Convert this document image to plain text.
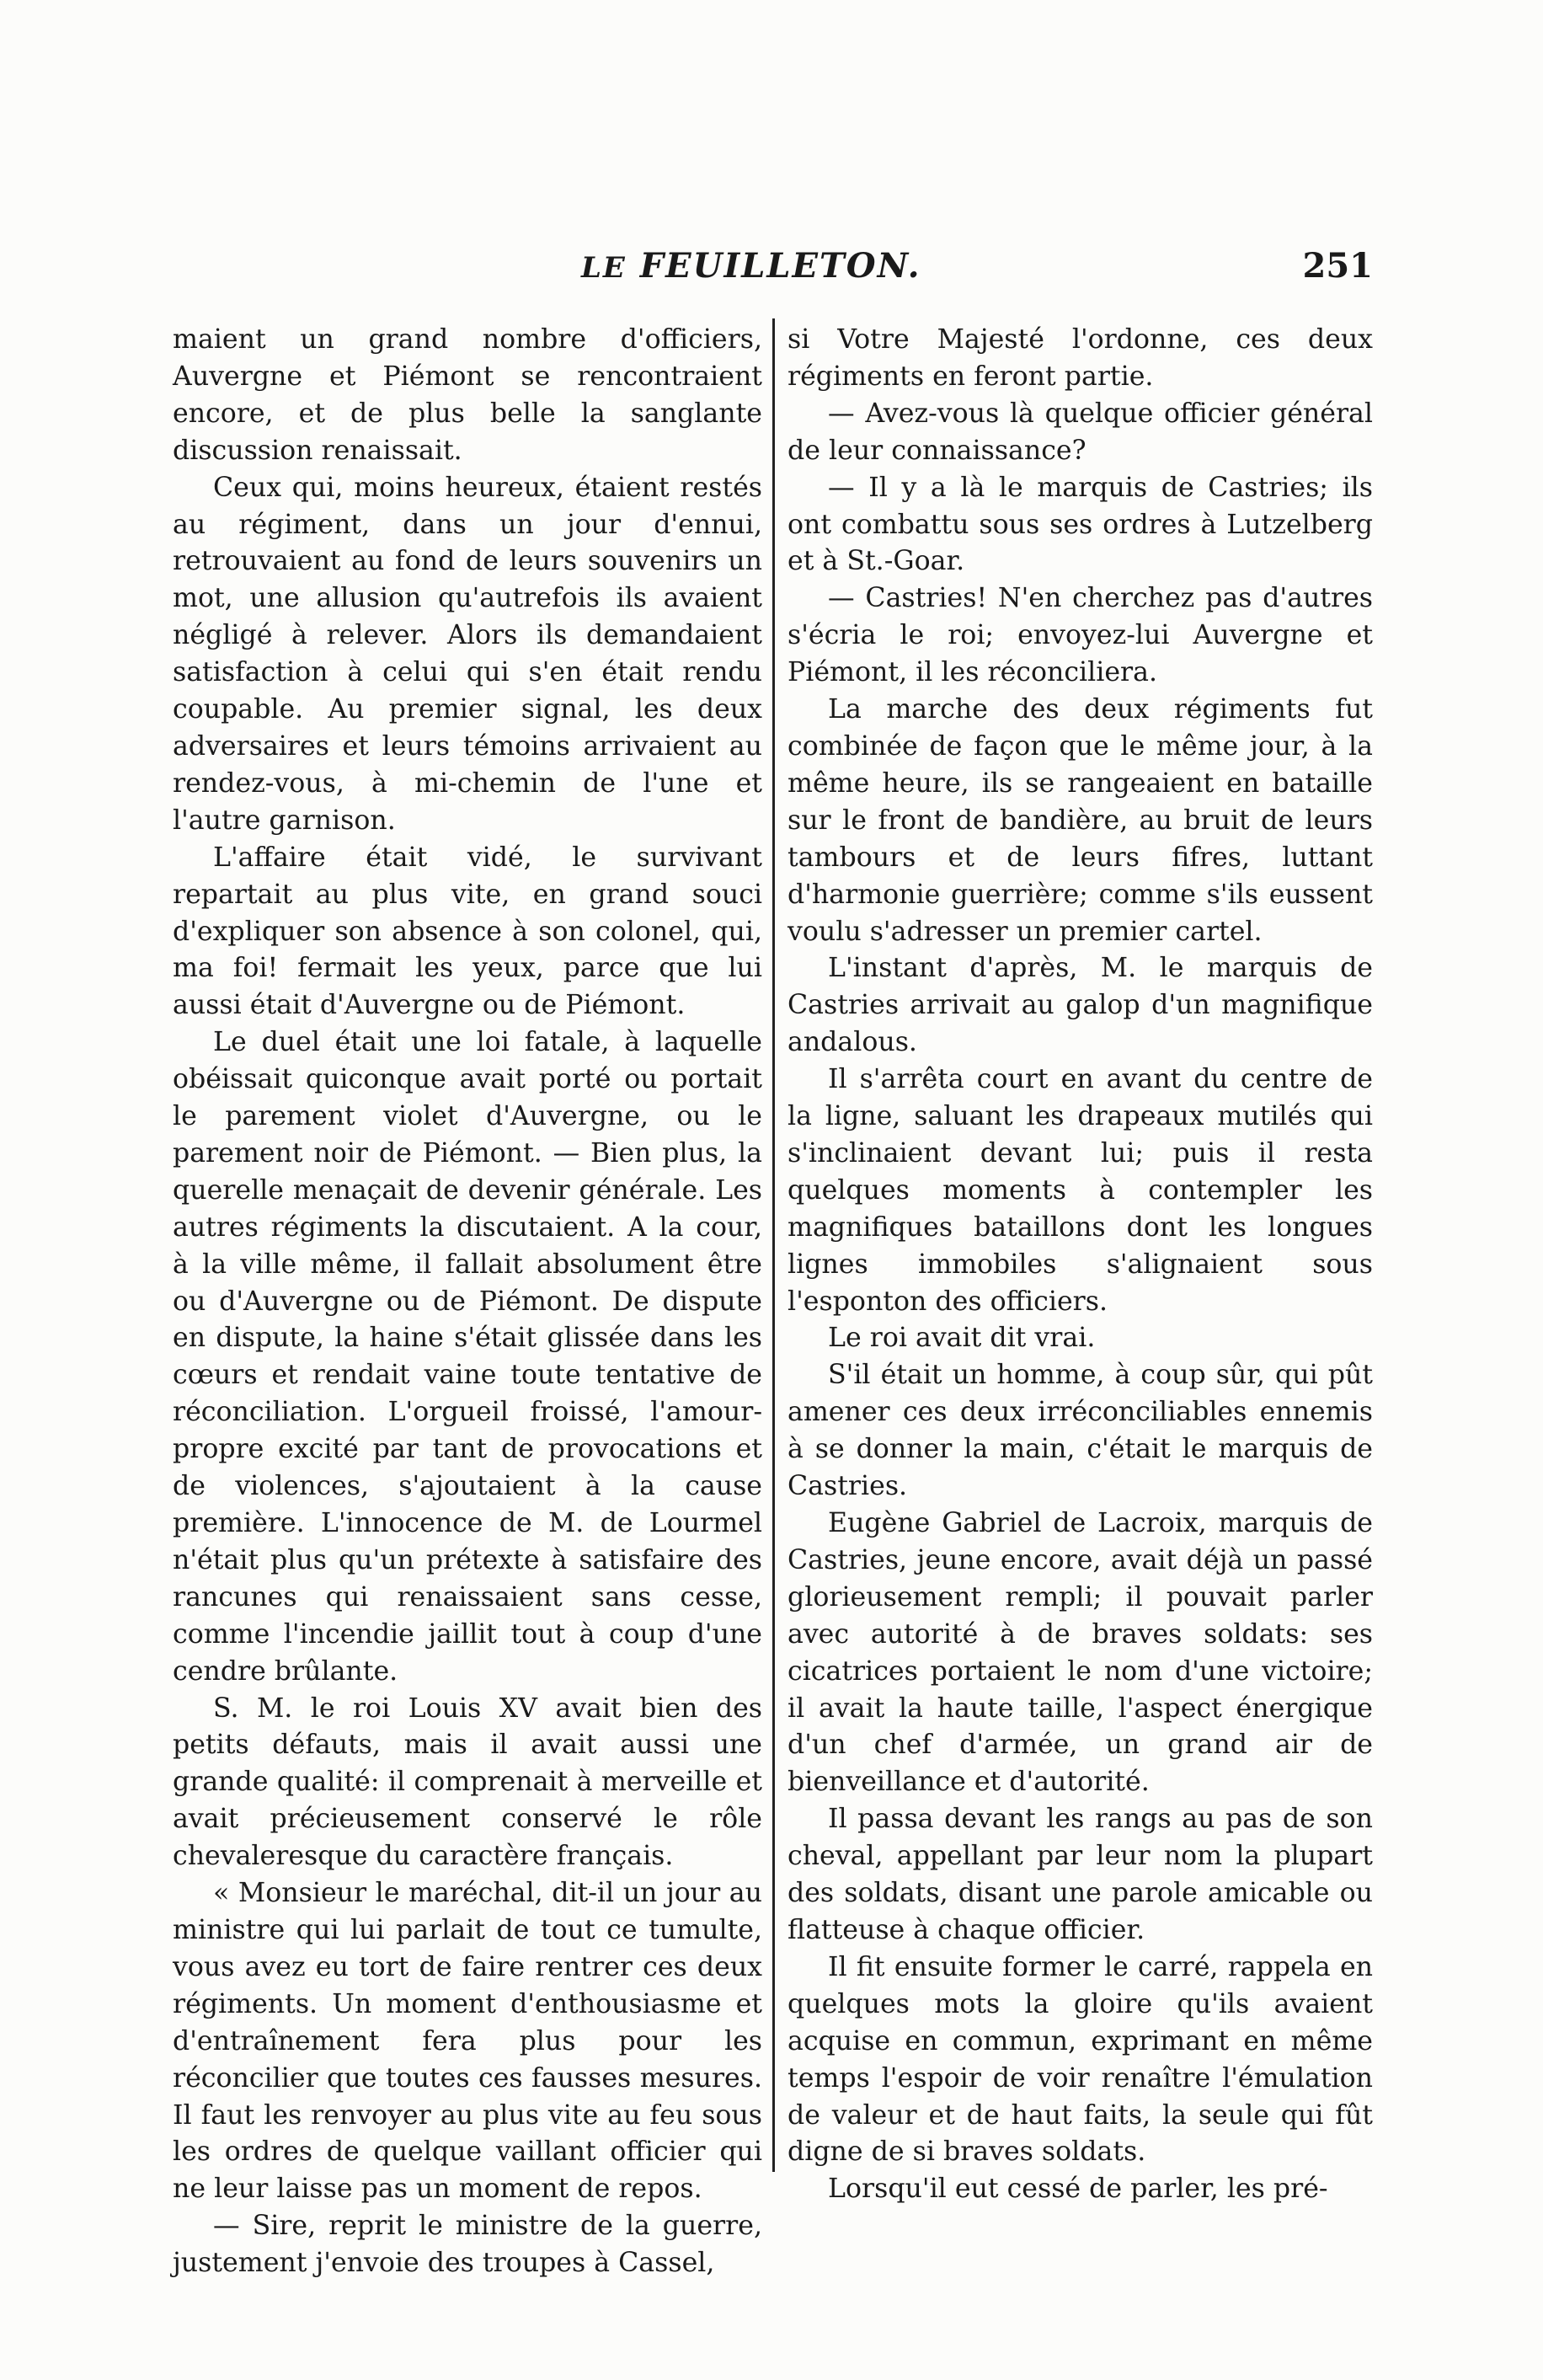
LE FEUILLETON.	251

maient un grand nombre d'officiers, Auvergne et Piémont se rencontraient encore, et de plus belle la sanglante discussion renaissait.

Ceux qui, moins heureux, étaient restés au régiment, dans un jour d'ennui, retrouvaient au fond de leurs souvenirs un mot, une allusion qu'autrefois ils avaient négligé à relever. Alors ils demandaient satisfaction à celui qui s'en était rendu coupable. Au premier signal, les deux adversaires et leurs témoins arrivaient au rendez-vous, à mi-chemin de l'une et l'autre garnison.

L'affaire était vidé, le survivant repartait au plus vite, en grand souci d'expliquer son absence à son colonel, qui, ma foi! fermait les yeux, parce que lui aussi était d'Auvergne ou de Piémont.

Le duel était une loi fatale, à laquelle obéissait quiconque avait porté ou portait le parement violet d'Auvergne, ou le parement noir de Piémont. — Bien plus, la querelle menaçait de devenir générale. Les autres régiments la discutaient. A la cour, à la ville même, il fallait absolument être ou d'Auvergne ou de Piémont. De dispute en dispute, la haine s'était glissée dans les cœurs et rendait vaine toute tentative de réconciliation. L'orgueil froissé, l'amour-propre excité par tant de provocations et de violences, s'ajoutaient à la cause première. L'innocence de M. de Lourmel n'était plus qu'un prétexte à satisfaire des rancunes qui renaissaient sans cesse, comme l'incendie jaillit tout à coup d'une cendre brûlante.

S. M. le roi Louis XV avait bien des petits défauts, mais il avait aussi une grande qualité: il comprenait à merveille et avait précieusement conservé le rôle chevaleresque du caractère français.

« Monsieur le maréchal, dit-il un jour au ministre qui lui parlait de tout ce tumulte, vous avez eu tort de faire rentrer ces deux régiments. Un moment d'enthousiasme et d'entraînement fera plus pour les réconcilier que toutes ces fausses mesures. Il faut les renvoyer au plus vite au feu sous les ordres de quelque vaillant officier qui ne leur laisse pas un moment de repos.

— Sire, reprit le ministre de la guerre, justement j'envoie des troupes à Cassel,

si Votre Majesté l'ordonne, ces deux régiments en feront partie.

— Avez-vous là quelque officier général de leur connaissance?

— Il y a là le marquis de Castries; ils ont combattu sous ses ordres à Lutzelberg et à St.-Goar.

— Castries! N'en cherchez pas d'autres s'écria le roi; envoyez-lui Auvergne et Piémont, il les réconciliera.

La marche des deux régiments fut combinée de façon que le même jour, à la même heure, ils se rangeaient en bataille sur le front de bandière, au bruit de leurs tambours et de leurs fifres, luttant d'harmonie guerrière; comme s'ils eussent voulu s'adresser un premier cartel.

L'instant d'après, M. le marquis de Castries arrivait au galop d'un magnifique andalous.

Il s'arrêta court en avant du centre de la ligne, saluant les drapeaux mutilés qui s'inclinaient devant lui; puis il resta quelques moments à contempler les magnifiques bataillons dont les longues lignes immobiles s'alignaient sous l'esponton des officiers.

Le roi avait dit vrai.

S'il était un homme, à coup sûr, qui pût amener ces deux irréconciliables ennemis à se donner la main, c'était le marquis de Castries.

Eugène Gabriel de Lacroix, marquis de Castries, jeune encore, avait déjà un passé glorieusement rempli; il pouvait parler avec autorité à de braves soldats: ses cicatrices portaient le nom d'une victoire; il avait la haute taille, l'aspect énergique d'un chef d'armée, un grand air de bienveillance et d'autorité.

Il passa devant les rangs au pas de son cheval, appellant par leur nom la plupart des soldats, disant une parole amicable ou flatteuse à chaque officier.

Il fit ensuite former le carré, rappela en quelques mots la gloire qu'ils avaient acquise en commun, exprimant en même temps l'espoir de voir renaître l'émulation de valeur et de haut faits, la seule qui fût digne de si braves soldats.

Lorsqu'il eut cessé de parler, les pré-
